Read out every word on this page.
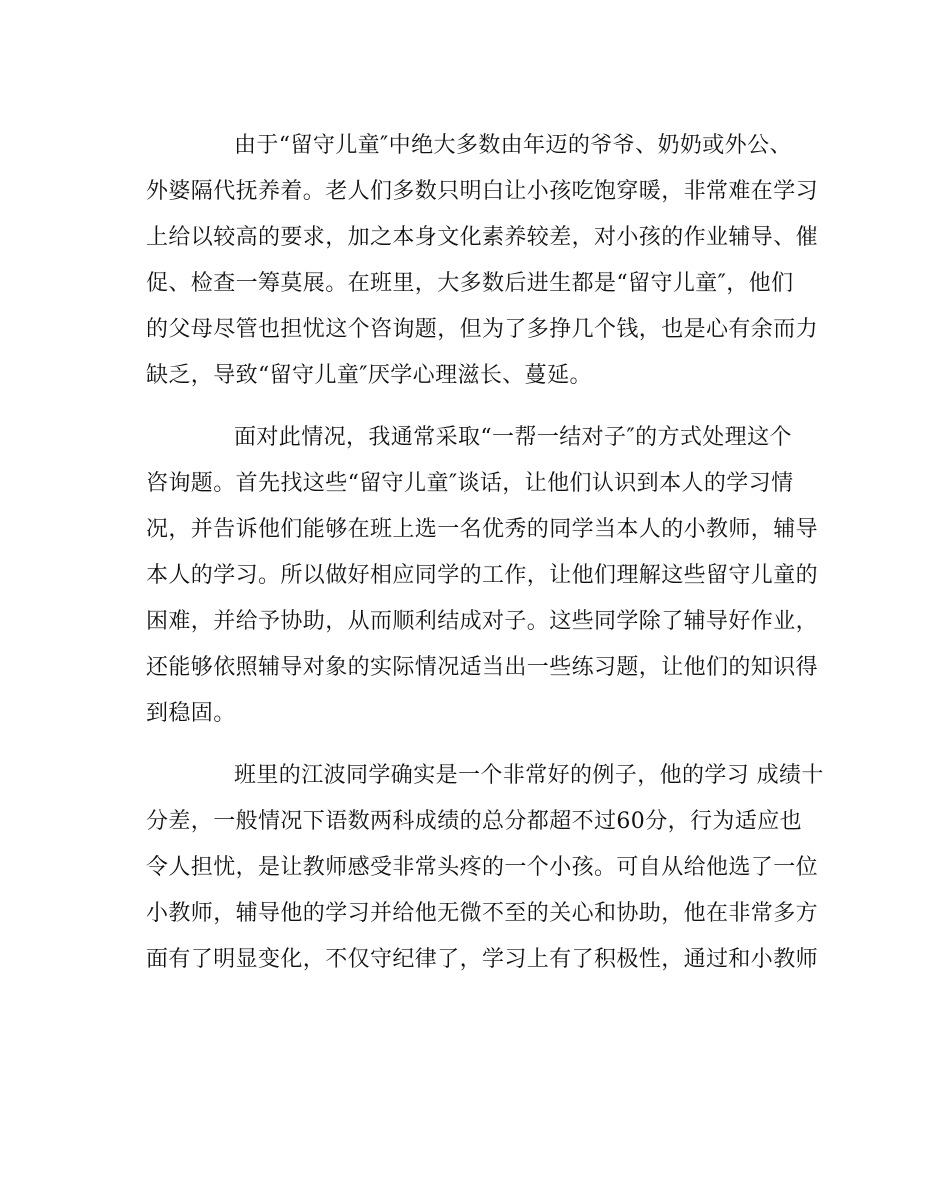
由于“留守儿童″中绝大多数由年迈的爷爷、奶奶或外公、
外婆隔代抚养着。老人们多数只明白让小孩吃饱穿暖，非常难在学习
上给以较高的要求，加之本身文化素养较差，对小孩的作业辅导、催
促、检查一筹莫展。在班里，大多数后进生都是“留守儿童″，他们
的父母尽管也担忧这个咨询题，但为了多挣几个钱，也是心有余而力
缺乏，导致“留守儿童″厌学心理滋长、蔓延。
面对此情况，我通常采取“一帮一结对子″的方式处理这个
咨询题。首先找这些“留守儿童″谈话，让他们认识到本人的学习情
况，并告诉他们能够在班上选一名优秀的同学当本人的小教师，辅导
本人的学习。所以做好相应同学的工作，让他们理解这些留守儿童的
困难，并给予协助，从而顺利结成对子。这些同学除了辅导好作业，
还能够依照辅导对象的实际情况适当出一些练习题，让他们的知识得
到稳固。
班里的江波同学确实是一个非常好的例子，他的学习 成绩十
分差，一般情况下语数两科成绩的总分都超不过60分，行为适应也
令人担忧，是让教师感受非常头疼的一个小孩。可自从给他选了一位
小教师，辅导他的学习并给他无微不至的关心和协助，他在非常多方
面有了明显变化，不仅守纪律了，学习上有了积极性，通过和小教师
